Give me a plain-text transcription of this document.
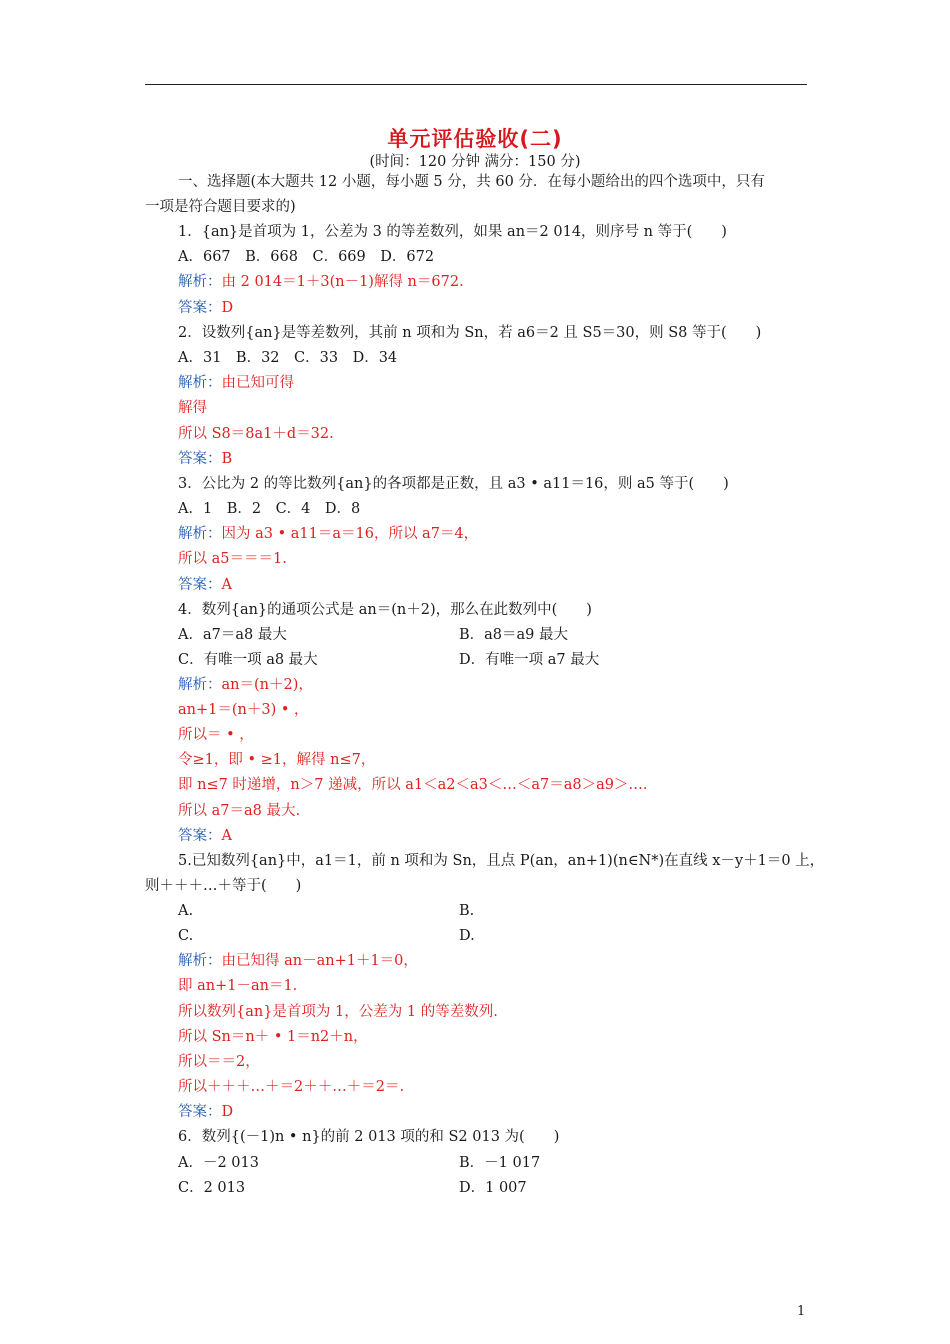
单元评估验收(二)
(时间：120 分钟 满分：150 分)
一、选择题(本大题共 12 小题，每小题 5 分，共 60 分．在每小题给出的四个选项中，只有
一项是符合题目要求的)
1．{an}是首项为 1，公差为 3 的等差数列，如果 an＝2 014，则序号 n 等于(　　)
A．667　B．668　C．669　D．672
解析：由 2 014＝1＋3(n－1)解得 n＝672.
答案：D
2．设数列{an}是等差数列，其前 n 项和为 Sn，若 a6＝2 且 S5＝30，则 S8 等于(　　)
A．31　B．32　C．33　D．34
解析：由已知可得
解得
所以 S8＝8a1＋d＝32.
答案：B
3．公比为 2 的等比数列{an}的各项都是正数，且 a3 • a11＝16，则 a5 等于(　　)
A．1　B．2　C．4　D．8
解析：因为 a3 • a11＝a＝16，所以 a7＝4，
所以 a5＝＝＝1.
答案：A
4．数列{an}的通项公式是 an＝(n＋2)，那么在此数列中(　　)
A．a7＝a8 最大	B．a8＝a9 最大
C．有唯一项 a8 最大	D．有唯一项 a7 最大
解析：an＝(n＋2)，
an+1＝(n＋3) • ，
所以＝ • ，
令≥1，即 • ≥1，解得 n≤7，
即 n≤7 时递增，n＞7 递减，所以 a1＜a2＜a3＜…＜a7＝a8＞a9＞….
所以 a7＝a8 最大.
答案：A
5.已知数列{an}中，a1＝1，前 n 项和为 Sn，且点 P(an，an+1)(n∈N*)在直线 x－y＋1＝0 上，
则＋＋＋…＋等于(　　)
A.	B.
C.	D.
解析：由已知得 an－an+1＋1＝0，
即 an+1－an＝1.
所以数列{an}是首项为 1，公差为 1 的等差数列.
所以 Sn＝n＋ • 1＝n2＋n，
所以＝＝2，
所以＋＋＋…＋＝2＋＋…＋＝2＝.
答案：D
6．数列{(－1)n • n}的前 2 013 项的和 S2 013 为(　　)
A．－2 013	B．－1 017
C．2 013	D．1 007
1
